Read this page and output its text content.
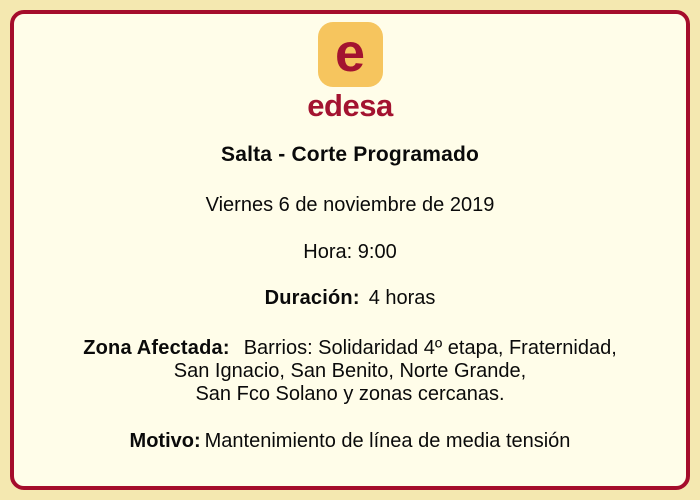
e
edesa
Salta - Corte Programado

Viernes 6 de noviembre de 2019

Hora: 9:00

Duración: 4 horas

Zona Afectada: Barrios: Solidaridad 4º etapa, Fraternidad,
San Ignacio, San Benito, Norte Grande,
San Fco Solano y zonas cercanas.

Motivo: Mantenimiento de línea de media tensión
